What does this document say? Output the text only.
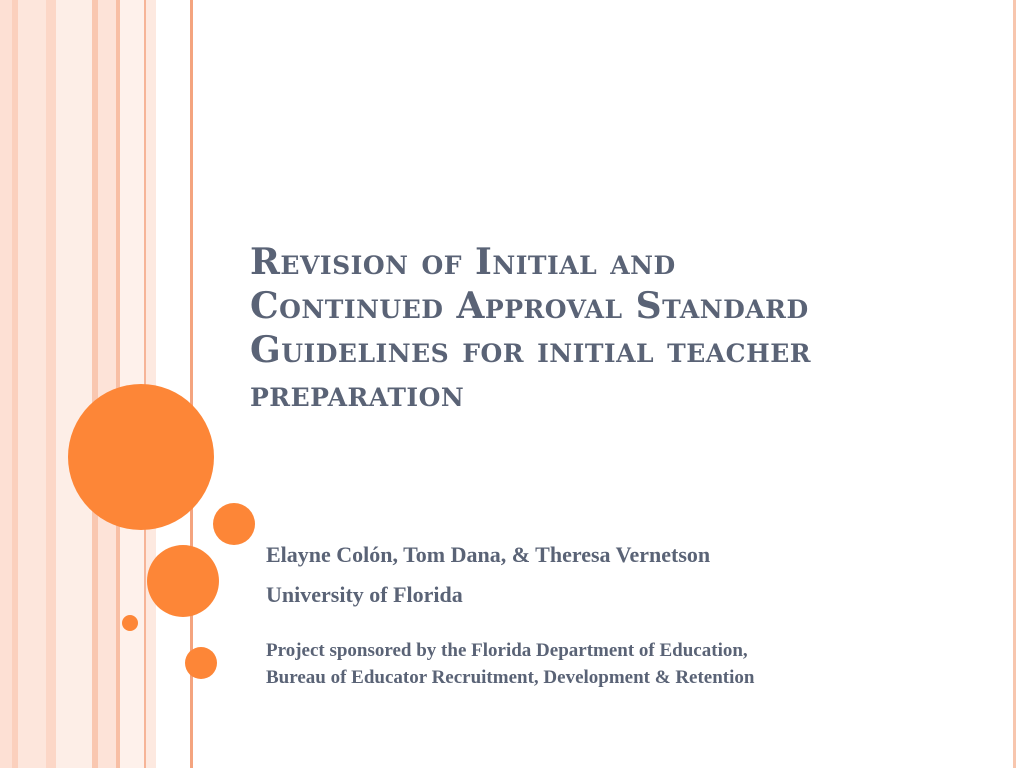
Revision of Initial and
Continued Approval Standard
Guidelines for initial teacher
preparation
Elayne Colón, Tom Dana, & Theresa Vernetson
University of Florida
Project sponsored by the Florida Department of Education,
Bureau of Educator Recruitment, Development & Retention
